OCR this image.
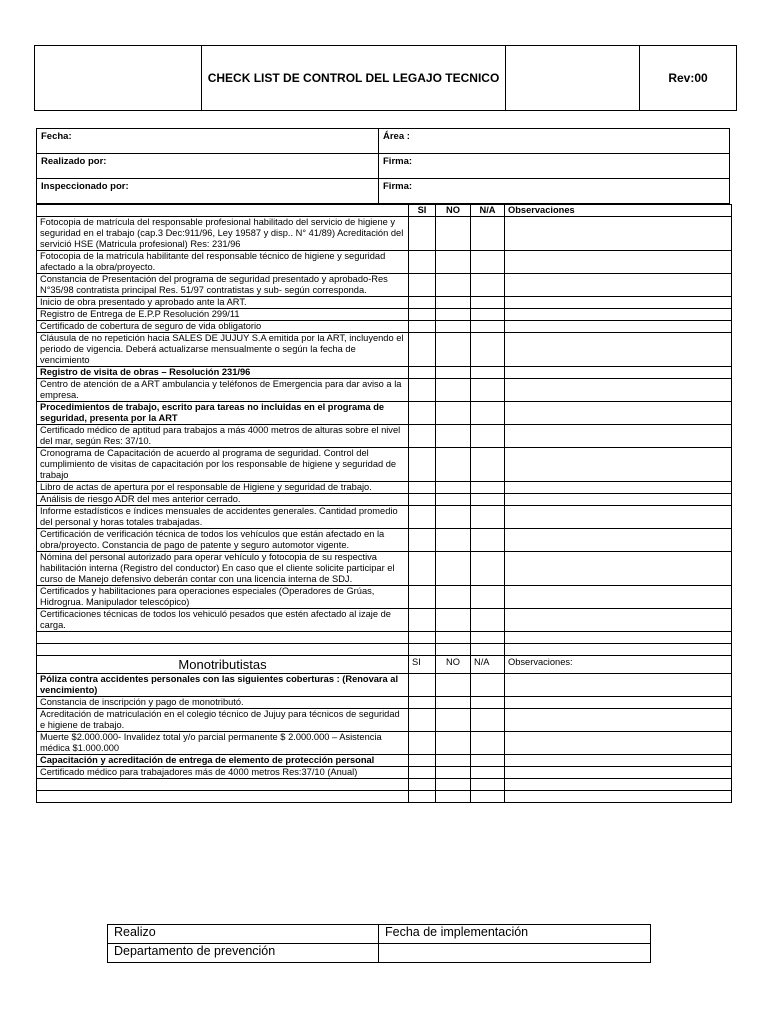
	CHECK LIST DE CONTROL DEL LEGAJO TECNICO		Rev:00
Fecha:	Área :
Realizado por:	Firma:
Inspeccionado por:	Firma:
	SI	NO	N/A	Observaciones
Fotocopia de matrícula del responsable profesional habilitado del servicio de higiene y seguridad en el trabajo (cap.3 Dec:911/96, Ley 19587 y disp.. N° 41/89) Acreditación del servició HSE (Matricula profesional) Res: 231/96				
Fotocopia de la matricula habilitante del responsable técnico de higiene y seguridad afectado a la obra/proyecto.				
Constancia de Presentación del programa de seguridad presentado y aprobado-Res N°35/98 contratista principal Res. 51/97 contratistas y sub- según corresponda.				
Inicio de obra presentado y aprobado ante la ART.				
Registro de Entrega de E.P.P Resolución 299/11				
Certificado de cobertura de seguro de vida obligatorio				
Cláusula de no repetición hacia SALES DE JUJUY S.A emitida por la ART, incluyendo el periodo de vigencia. Deberá actualizarse mensualmente o según la fecha de vencimiento				
Registro de visita de obras – Resolución 231/96				
Centro de atención de a ART ambulancia y teléfonos de Emergencia para dar aviso a la empresa.				
Procedimientos de trabajo, escrito para tareas no incluidas en el programa de seguridad, presenta por la ART				
Certificado médico de aptitud para trabajos a más 4000 metros de alturas sobre el nivel del mar, según Res: 37/10.				
Cronograma de Capacitación de acuerdo al programa de seguridad. Control del cumplimiento de visitas de capacitación por los responsable de higiene y seguridad de trabajo				
Libro de actas de apertura por el responsable de Higiene y seguridad de trabajo.				
Análisis de riesgo ADR del mes anterior cerrado.				
Informe estadísticos e índices mensuales de accidentes generales. Cantidad promedio del personal y horas totales trabajadas.				
Certificación de verificación técnica de todos los vehículos que están afectado en la obra/proyecto. Constancia de pago de patente y seguro automotor vigente.				
Nómina del personal autorizado para operar vehículo y fotocopia de su respectiva habilitación interna (Registro del conductor) En caso que el cliente solicite participar el curso de Manejo defensivo deberán contar con una licencia interna de SDJ.				
Certificados y habilitaciones para operaciones especiales (Operadores de Grúas, Hidrogrua. Manipulador telescópico)				
Certificaciones técnicas de todos los vehiculó pesados que estén afectado al izaje de carga.				

Monotributistas	SI	NO	N/A	Observaciones:
Póliza contra accidentes personales con las siguientes coberturas : (Renovara al vencimiento)				
Constancia de inscripción y pago de monotributó.				
Acreditación de matriculación en el colegio técnico de Jujuy para técnicos de seguridad e higiene de trabajo.				
Muerte $2.000.000- Invalidez total y/o parcial permanente $ 2.000.000 – Asistencia médica $1.000.000				
Capacitación y acreditación de entrega de elemento de protección personal				
Certificado médico para trabajadores más de 4000 metros Res:37/10 (Anual)				

Realizo	Fecha de implementación
Departamento de prevención	
